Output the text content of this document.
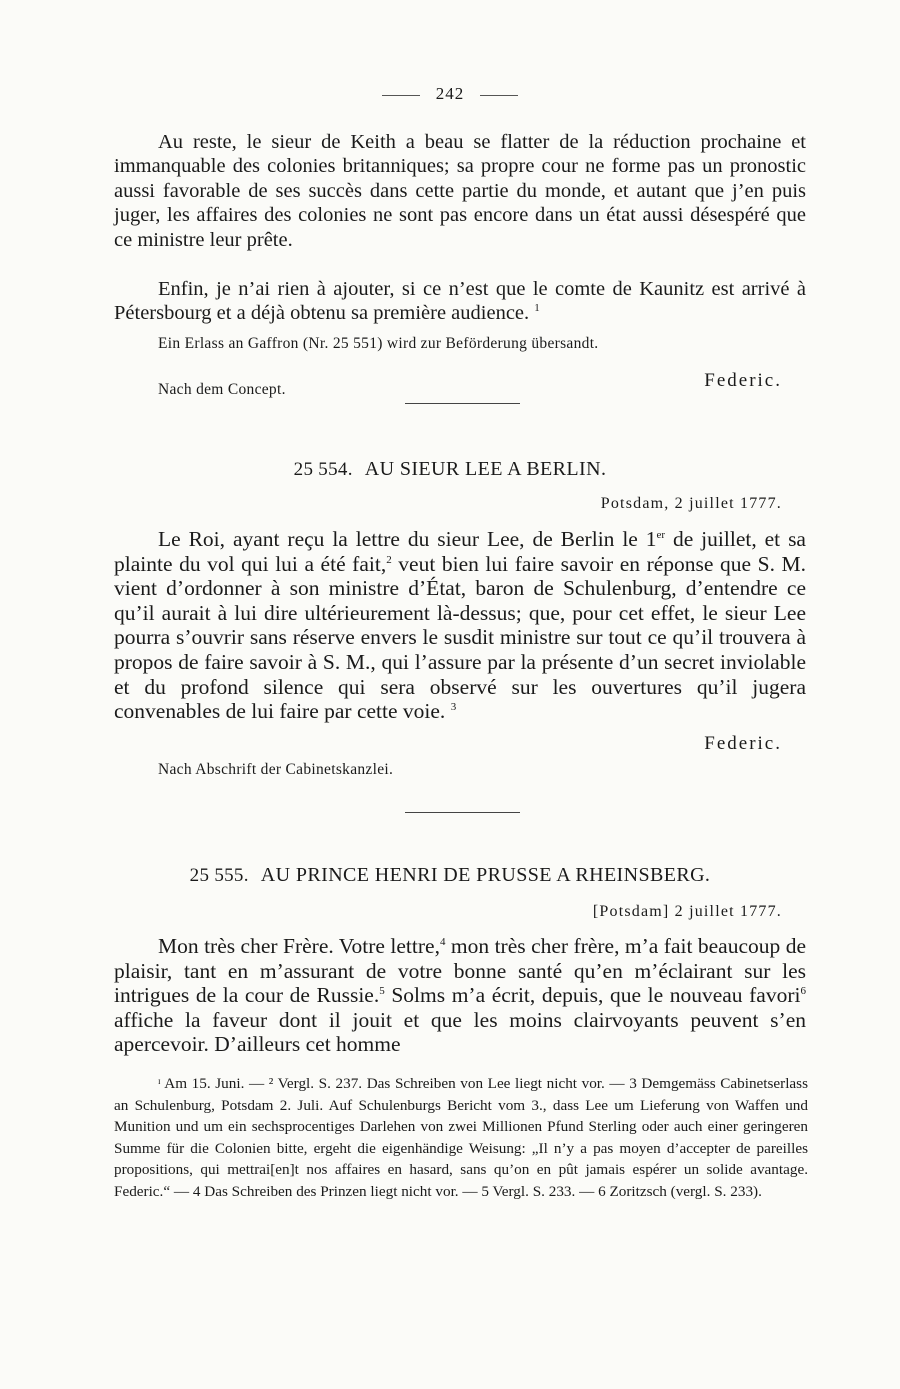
242
Au reste, le sieur de Keith a beau se flatter de la réduction prochaine et immanquable des colonies britanniques; sa propre cour ne forme pas un pronostic aussi favorable de ses succès dans cette partie du monde, et autant que j’en puis juger, les affaires des colonies ne sont pas encore dans un état aussi désespéré que ce ministre leur prête.
Enfin, je n’ai rien à ajouter, si ce n’est que le comte de Kaunitz est arrivé à Pétersbourg et a déjà obtenu sa première audience. $^1$
Ein Erlass an Gaffron (Nr. 25 551) wird zur Beförderung übersandt.
Nach dem Concept.	Federic.
25 554. AU SIEUR LEE A BERLIN.
Potsdam, 2 juillet 1777.
Le Roi, ayant reçu la lettre du sieur Lee, de Berlin le 1er de juillet, et sa plainte du vol qui lui a été fait,$^2$ veut bien lui faire savoir en réponse que S. M. vient d’ordonner à son ministre d’État, baron de Schulenburg, d’entendre ce qu’il aurait à lui dire ultérieurement là-dessus; que, pour cet effet, le sieur Lee pourra s’ouvrir sans réserve envers le susdit ministre sur tout ce qu’il trouvera à propos de faire savoir à S. M., qui l’assure par la présente d’un secret inviolable et du profond silence qui sera observé sur les ouvertures qu’il jugera convenables de lui faire par cette voie. $^3$
Federic.
Nach Abschrift der Cabinetskanzlei.
25 555. AU PRINCE HENRI DE PRUSSE A RHEINSBERG.
[Potsdam] 2 juillet 1777.
Mon très cher Frère. Votre lettre,$^4$ mon très cher frère, m’a fait beaucoup de plaisir, tant en m’assurant de votre bonne santé qu’en m’éclairant sur les intrigues de la cour de Russie.$^5$ Solms m’a écrit, depuis, que le nouveau favori$^6$ affiche la faveur dont il jouit et que les moins clairvoyants peuvent s’en apercevoir. D’ailleurs cet homme
ᶦ Am 15. Juni. — ² Vergl. S. 237. Das Schreiben von Lee liegt nicht vor. — 3 Demgemäss Cabinetserlass an Schulenburg, Potsdam 2. Juli. Auf Schulenburgs Bericht vom 3., dass Lee um Lieferung von Waffen und Munition und um ein sechsprocentiges Darlehen von zwei Millionen Pfund Sterling oder auch einer geringeren Summe für die Colonien bitte, ergeht die eigenhändige Weisung: „Il n’y a pas moyen d’accepter de pareilles propositions, qui mettrai[en]t nos affaires en hasard, sans qu’on en pût jamais espérer un solide avantage. Federic.“ — 4 Das Schreiben des Prinzen liegt nicht vor. — 5 Vergl. S. 233. — 6 Zoritzsch (vergl. S. 233).
